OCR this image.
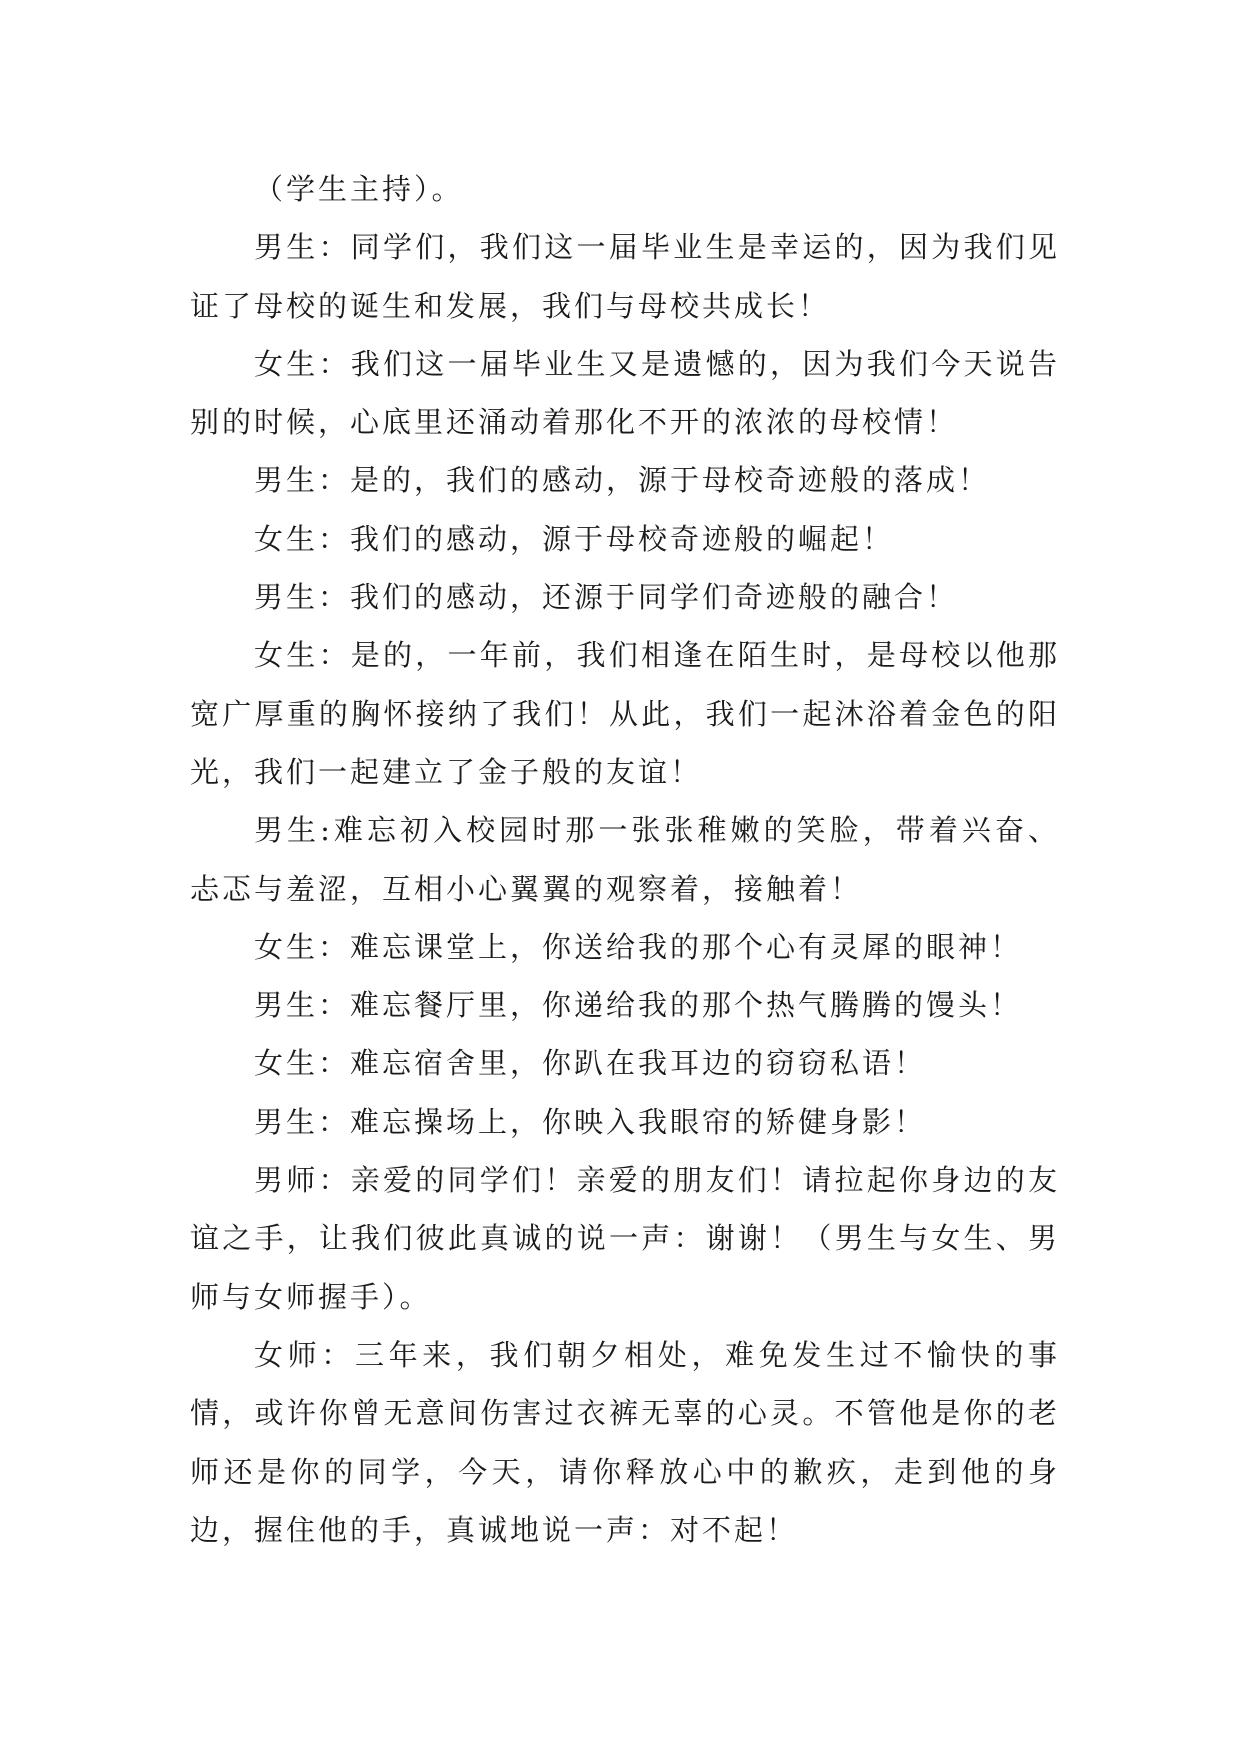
（学生主持）。

男生：同学们，我们这一届毕业生是幸运的，因为我们见证了母校的诞生和发展，我们与母校共成长！

女生：我们这一届毕业生又是遗憾的，因为我们今天说告别的时候，心底里还涌动着那化不开的浓浓的母校情！

男生：是的，我们的感动，源于母校奇迹般的落成！

女生：我们的感动，源于母校奇迹般的崛起！

男生：我们的感动，还源于同学们奇迹般的融合！

女生：是的，一年前，我们相逢在陌生时，是母校以他那宽广厚重的胸怀接纳了我们！从此，我们一起沐浴着金色的阳光，我们一起建立了金子般的友谊！

男生:难忘初入校园时那一张张稚嫩的笑脸，带着兴奋、忐忑与羞涩，互相小心翼翼的观察着，接触着！

女生：难忘课堂上，你送给我的那个心有灵犀的眼神！

男生：难忘餐厅里，你递给我的那个热气腾腾的馒头！

女生：难忘宿舍里，你趴在我耳边的窃窃私语！

男生：难忘操场上，你映入我眼帘的矫健身影！

男师：亲爱的同学们！亲爱的朋友们！请拉起你身边的友谊之手，让我们彼此真诚的说一声：谢谢！（男生与女生、男师与女师握手）。

女师：三年来，我们朝夕相处，难免发生过不愉快的事情，或许你曾无意间伤害过衣裤无辜的心灵。不管他是你的老师还是你的同学，今天，请你释放心中的歉疚，走到他的身边，握住他的手，真诚地说一声：对不起！
